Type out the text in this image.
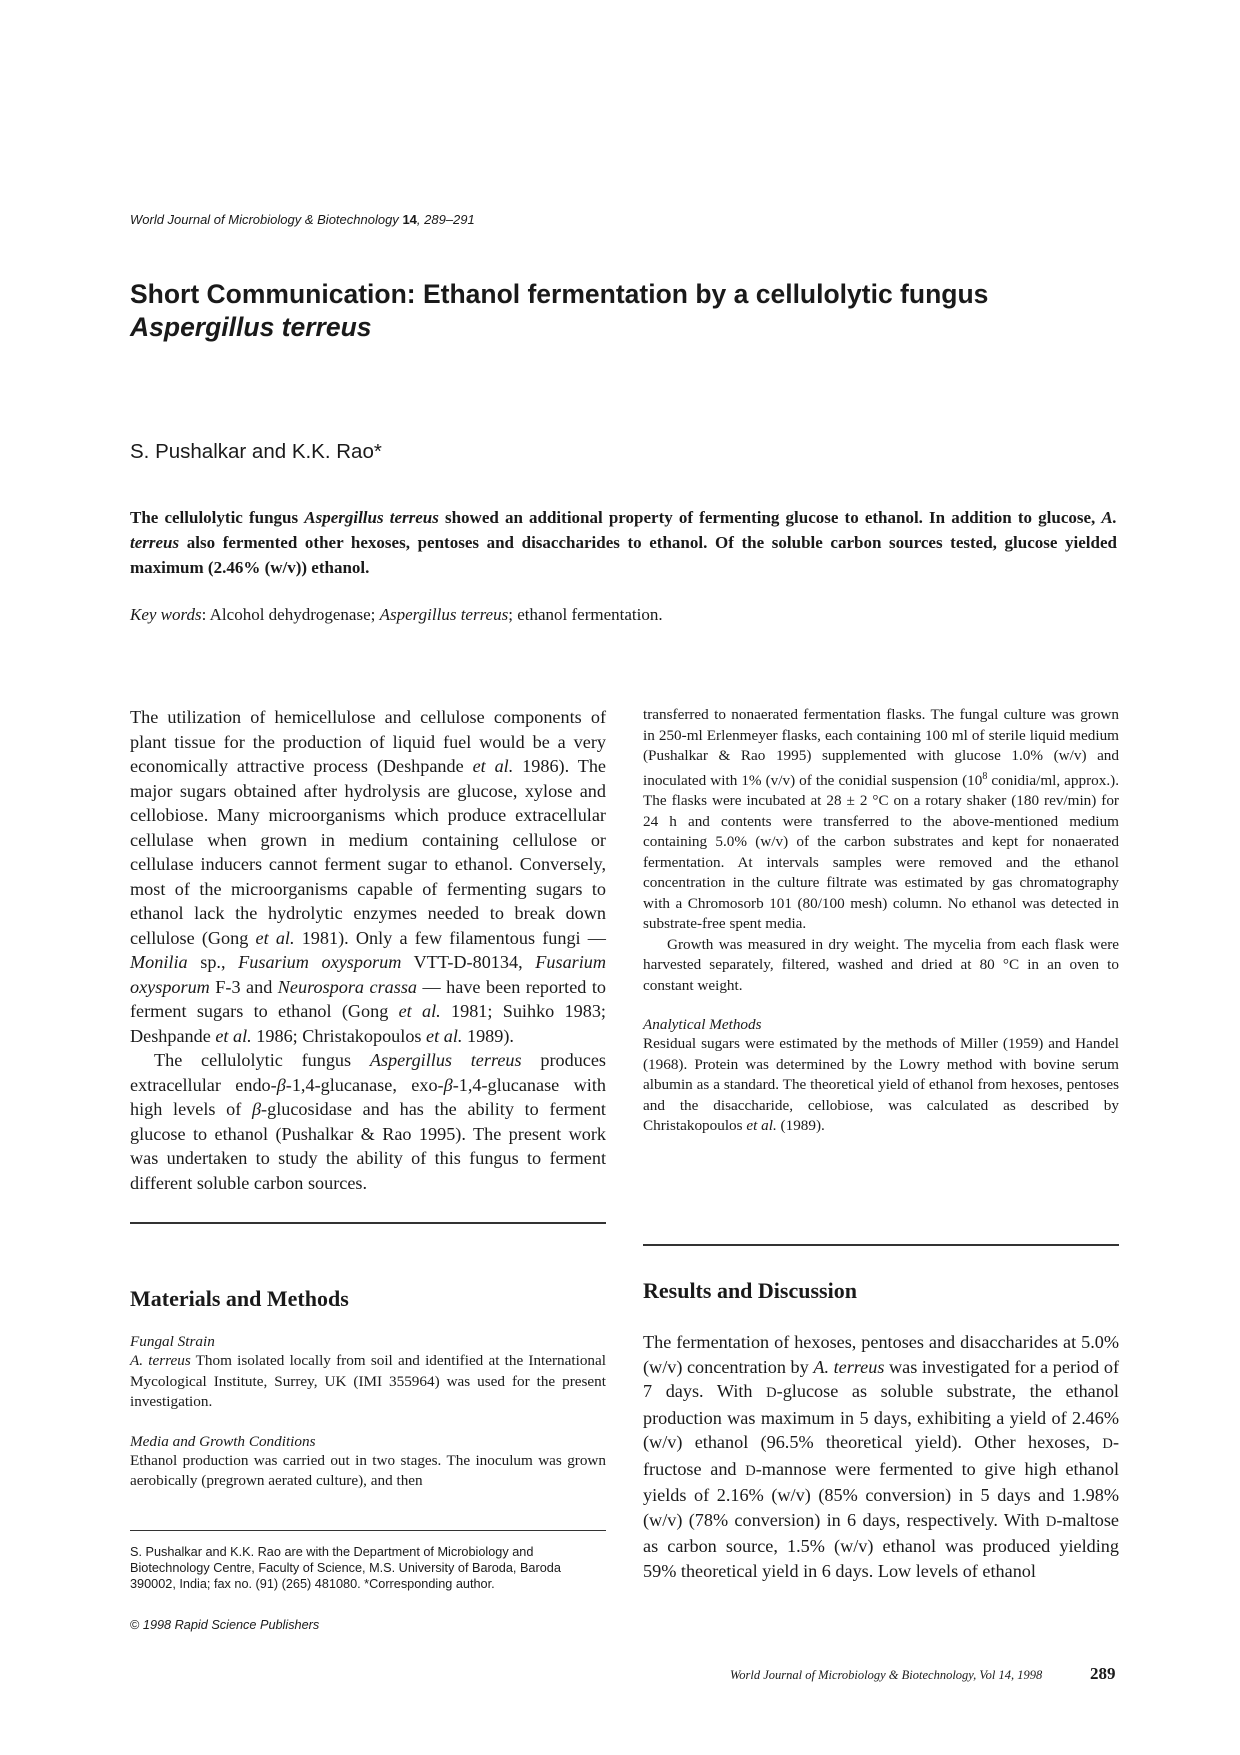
World Journal of Microbiology & Biotechnology 14, 289–291
Short Communication: Ethanol fermentation by a cellulolytic fungus
Aspergillus terreus
S. Pushalkar and K.K. Rao*
The cellulolytic fungus Aspergillus terreus showed an additional property of fermenting glucose to ethanol. In addition to glucose, A. terreus also fermented other hexoses, pentoses and disaccharides to ethanol. Of the soluble carbon sources tested, glucose yielded maximum (2.46% (w/v)) ethanol.
Key words: Alcohol dehydrogenase; Aspergillus terreus; ethanol fermentation.

The utilization of hemicellulose and cellulose components of plant tissue for the production of liquid fuel would be a very economically attractive process (Deshpande et al. 1986). The major sugars obtained after hydrolysis are glucose, xylose and cellobiose. Many microorganisms which produce extracellular cellulase when grown in medium containing cellulose or cellulase inducers cannot ferment sugar to ethanol. Conversely, most of the microorganisms capable of fermenting sugars to ethanol lack the hydrolytic enzymes needed to break down cellulose (Gong et al. 1981). Only a few filamentous fungi — Monilia sp., Fusarium oxysporum VTT-D-80134, Fusarium oxysporum F-3 and Neurospora crassa — have been reported to ferment sugars to ethanol (Gong et al. 1981; Suihko 1983; Deshpande et al. 1986; Christakopoulos et al. 1989).

The cellulolytic fungus Aspergillus terreus produces extracellular endo-β-1,4-glucanase, exo-β-1,4-glucanase with high levels of β-glucosidase and has the ability to ferment glucose to ethanol (Pushalkar & Rao 1995). The present work was undertaken to study the ability of this fungus to ferment different soluble carbon sources.

Materials and Methods

Fungal Strain

A. terreus Thom isolated locally from soil and identified at the International Mycological Institute, Surrey, UK (IMI 355964) was used for the present investigation.

Media and Growth Conditions

Ethanol production was carried out in two stages. The inoculum was grown aerobically (pregrown aerated culture), and then

S. Pushalkar and K.K. Rao are with the Department of Microbiology and Biotechnology Centre, Faculty of Science, M.S. University of Baroda, Baroda 390002, India; fax no. (91) (265) 481080. *Corresponding author.
© 1998 Rapid Science Publishers

transferred to nonaerated fermentation flasks. The fungal culture was grown in 250-ml Erlenmeyer flasks, each containing 100 ml of sterile liquid medium (Pushalkar & Rao 1995) supplemented with glucose 1.0% (w/v) and inoculated with 1% (v/v) of the conidial suspension ($10^8$ conidia/ml, approx.). The flasks were incubated at 28 ± 2 °C on a rotary shaker (180 rev/min) for 24 h and contents were transferred to the above-mentioned medium containing 5.0% (w/v) of the carbon substrates and kept for nonaerated fermentation. At intervals samples were removed and the ethanol concentration in the culture filtrate was estimated by gas chromatography with a Chromosorb 101 (80/100 mesh) column. No ethanol was detected in substrate-free spent media.

Growth was measured in dry weight. The mycelia from each flask were harvested separately, filtered, washed and dried at 80 °C in an oven to constant weight.

Analytical Methods

Residual sugars were estimated by the methods of Miller (1959) and Handel (1968). Protein was determined by the Lowry method with bovine serum albumin as a standard. The theoretical yield of ethanol from hexoses, pentoses and the disaccharide, cellobiose, was calculated as described by Christakopoulos et al. (1989).

Results and Discussion

The fermentation of hexoses, pentoses and disaccharides at 5.0% (w/v) concentration by A. terreus was investigated for a period of 7 days. With D-glucose as soluble substrate, the ethanol production was maximum in 5 days, exhibiting a yield of 2.46% (w/v) ethanol (96.5% theoretical yield). Other hexoses, D-fructose and D-mannose were fermented to give high ethanol yields of 2.16% (w/v) (85% conversion) in 5 days and 1.98% (w/v) (78% conversion) in 6 days, respectively. With D-maltose as carbon source, 1.5% (w/v) ethanol was produced yielding 59% theoretical yield in 6 days. Low levels of ethanol

World Journal of Microbiology & Biotechnology, Vol 14, 1998	289
